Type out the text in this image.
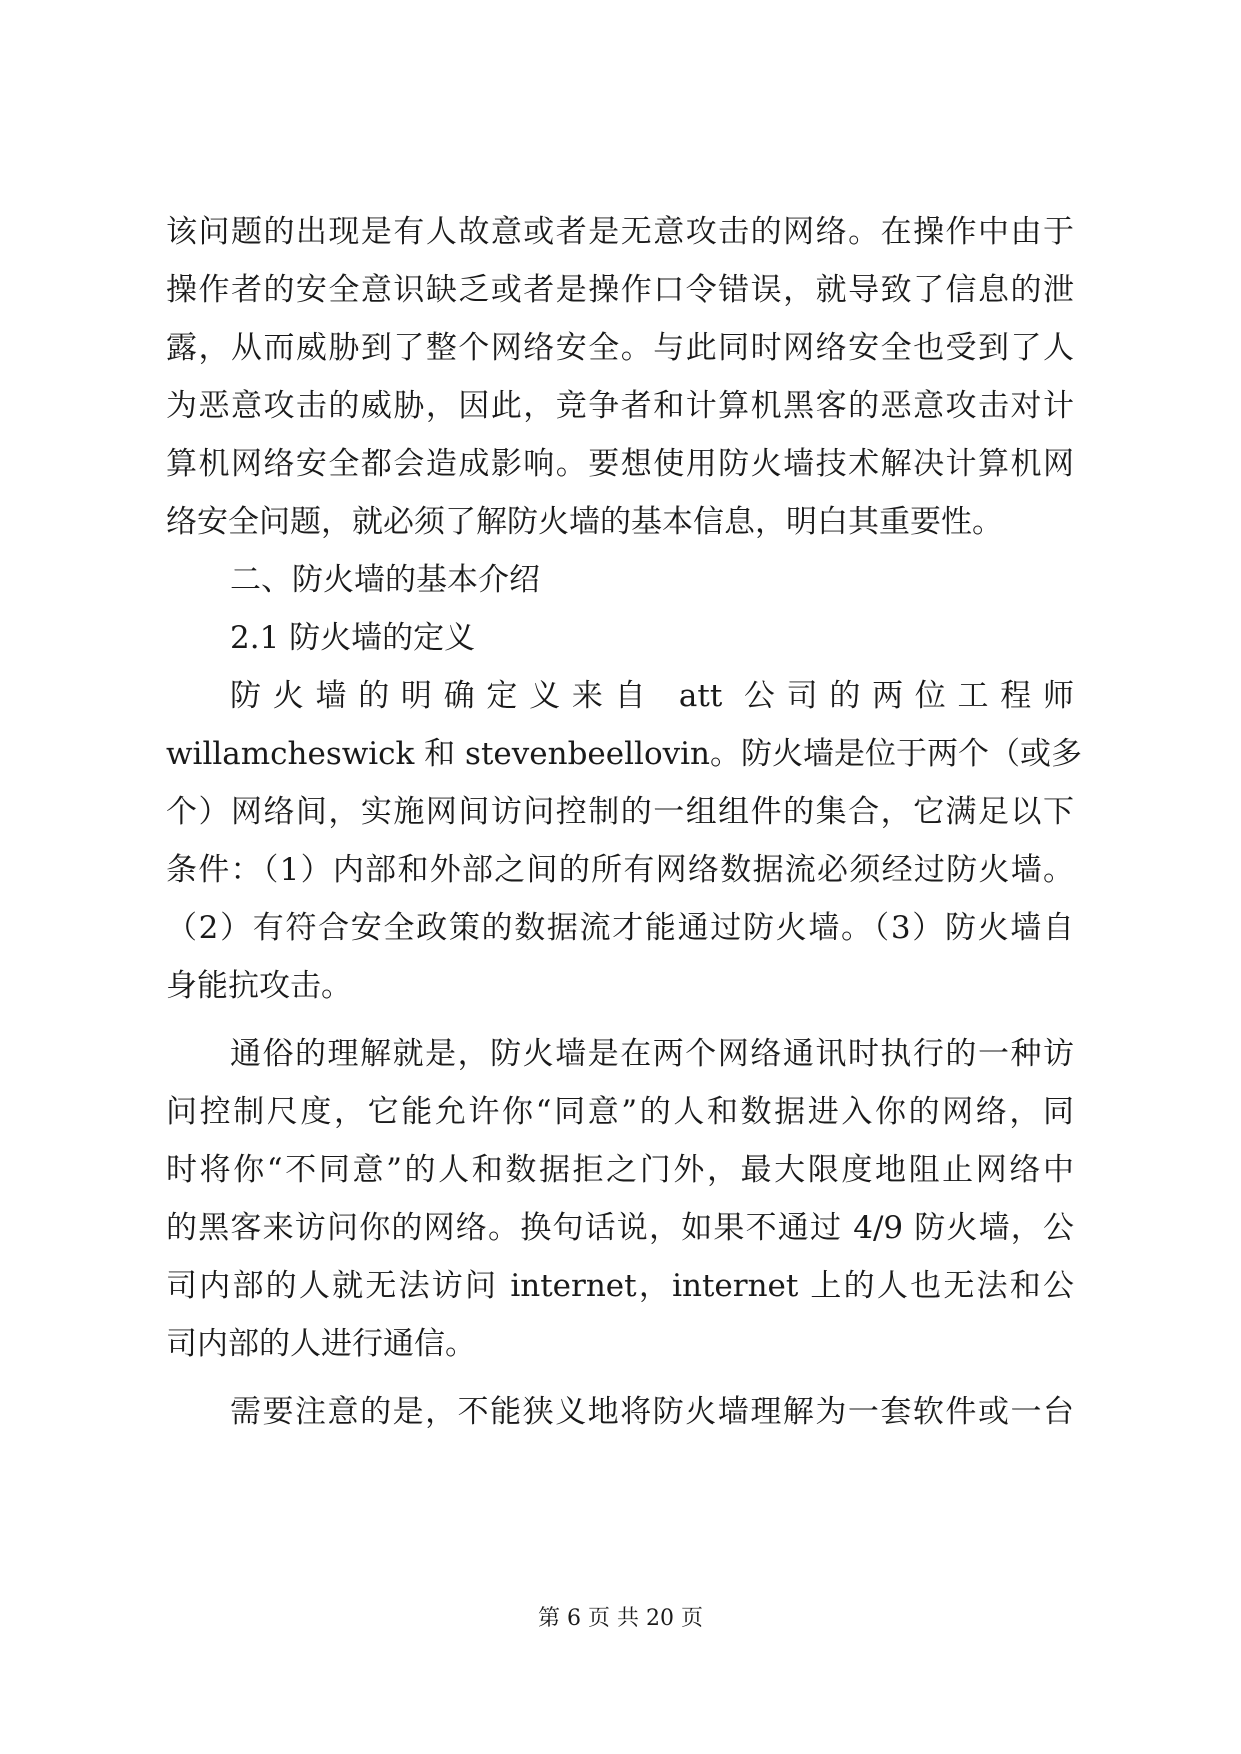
该问题的出现是有人故意或者是无意攻击的网络。在操作中由于
操作者的安全意识缺乏或者是操作口令错误，就导致了信息的泄
露，从而威胁到了整个网络安全。与此同时网络安全也受到了人
为恶意攻击的威胁，因此，竞争者和计算机黑客的恶意攻击对计
算机网络安全都会造成影响。要想使用防火墙技术解决计算机网
络安全问题，就必须了解防火墙的基本信息，明白其重要性。
二、防火墙的基本介绍
2.1 防火墙的定义
防火墙的明确定义来自 att 公司的两位工程师
willamcheswick 和 stevenbeellovin。防火墙是位于两个（或多
个）网络间，实施网间访问控制的一组组件的集合，它满足以下
条件：（1）内部和外部之间的所有网络数据流必须经过防火墙。
（2）有符合安全政策的数据流才能通过防火墙。（3）防火墙自
身能抗攻击。
通俗的理解就是，防火墙是在两个网络通讯时执行的一种访
问控制尺度，它能允许你“同意”的人和数据进入你的网络，同
时将你“不同意”的人和数据拒之门外，最大限度地阻止网络中
的黑客来访问你的网络。换句话说，如果不通过 4/9 防火墙，公
司内部的人就无法访问 internet，internet 上的人也无法和公
司内部的人进行通信。
需要注意的是，不能狭义地将防火墙理解为一套软件或一台
第 6 页 共 20 页
